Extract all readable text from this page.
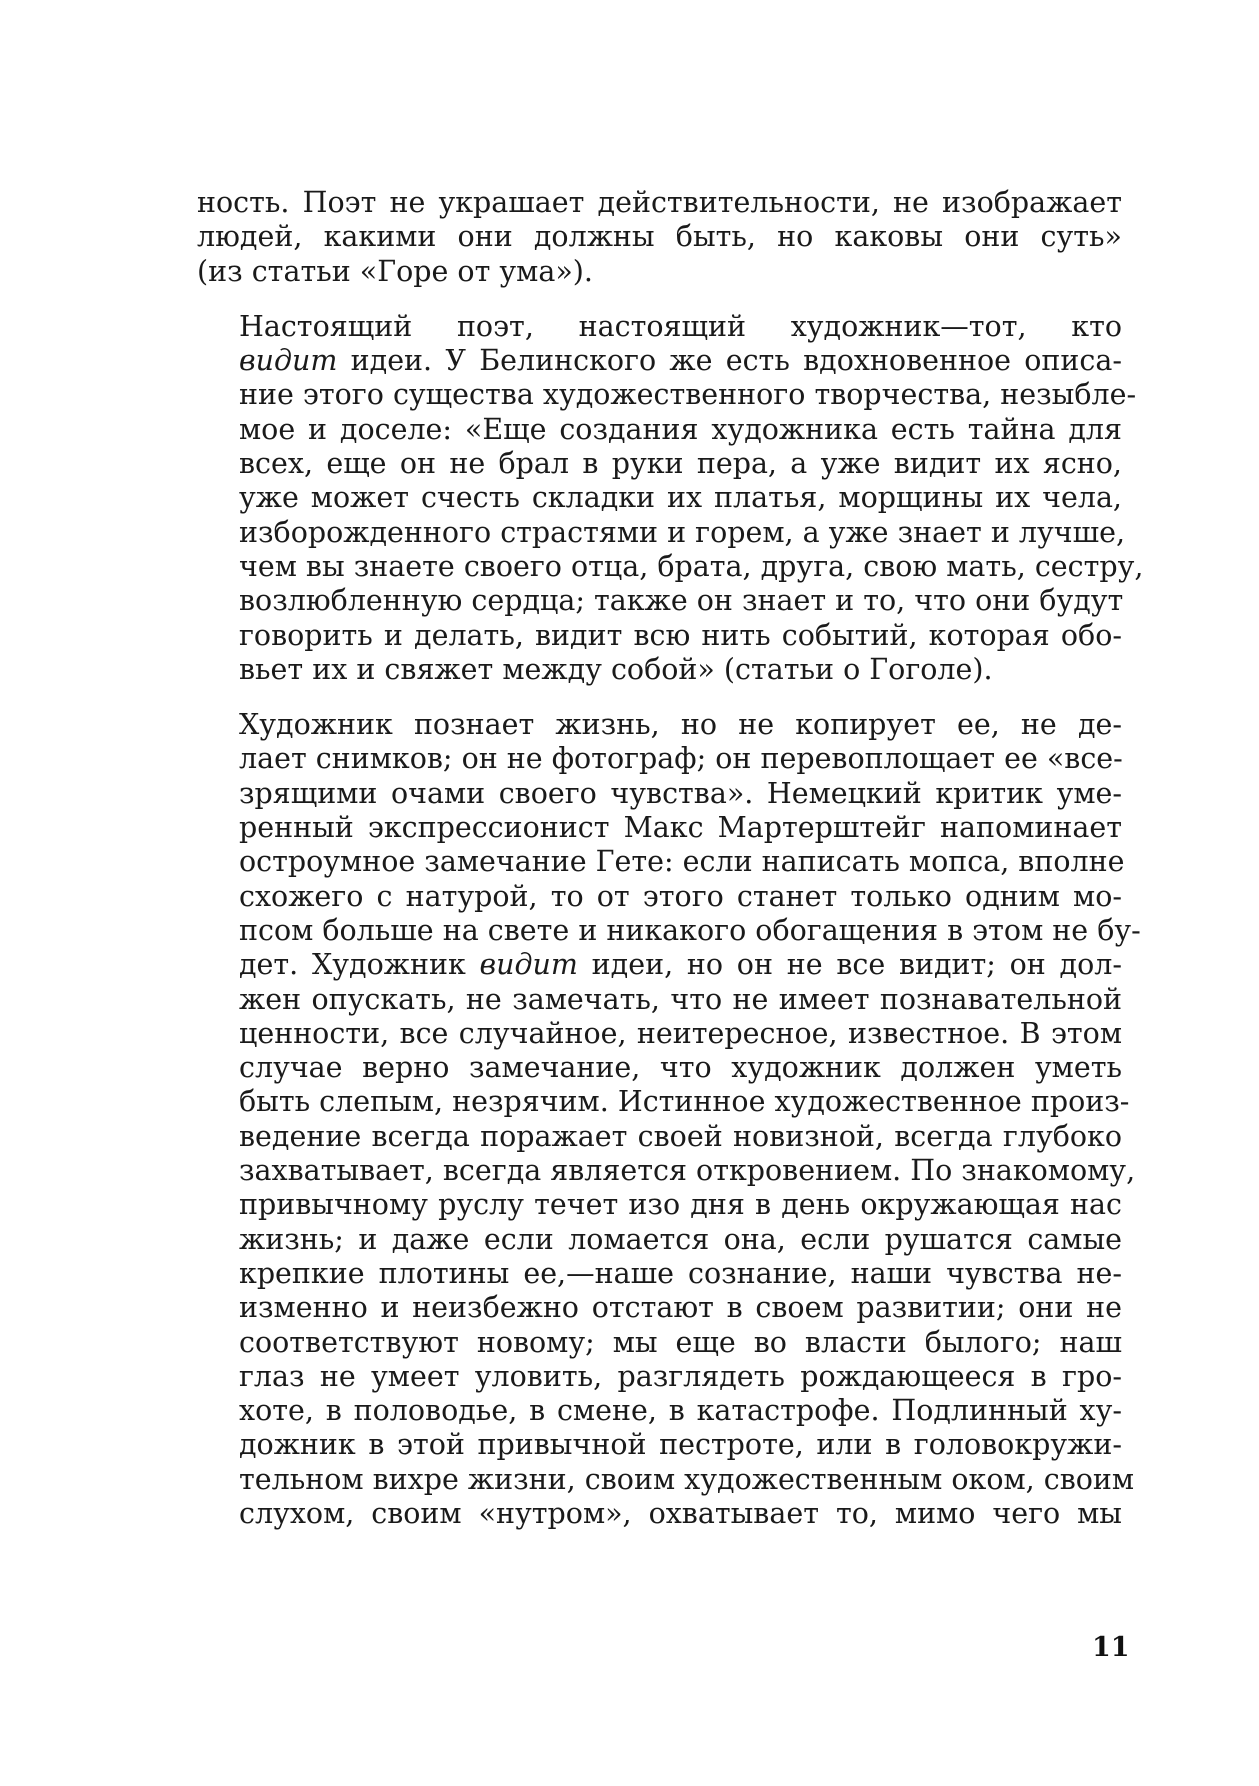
ность. Поэт не украшает действительности, не изображает
людей, какими они должны быть, но каковы они суть»
(из статьи «Горе от ума»).

Настоящий поэт, настоящий художник—тот, кто
видит идеи. У Белинского же есть вдохновенное описа-
ние этого существа художественного творчества, незыбле-
мое и доселе: «Еще создания художника есть тайна для
всех, еще он не брал в руки пера, а уже видит их ясно,
уже может счесть складки их платья, морщины их чела,
изборожденного страстями и горем, а уже знает и лучше,
чем вы знаете своего отца, брата, друга, свою мать, сестру,
возлюбленную сердца; также он знает и то, что они будут
говорить и делать, видит всю нить событий, которая обо-
вьет их и свяжет между собой» (статьи о Гоголе).

Художник познает жизнь, но не копирует ее, не де-
лает снимков; он не фотограф; он перевоплощает ее «все-
зрящими очами своего чувства». Немецкий критик уме-
ренный экспрессионист Макс Мартерштейг напоминает
остроумное замечание Гете: если написать мопса, вполне
схожего с натурой, то от этого станет только одним мо-
пcом больше на свете и никакого обогащения в этом не бу-
дет. Художник видит идеи, но он не все видит; он дол-
жен опускать, не замечать, что не имеет познавательной
ценности, все случайное, неитересное, известное. В этом
случае верно замечание, что художник должен уметь
быть слепым, незрячим. Истинное художественное произ-
ведение всегда поражает своей новизной, всегда глубоко
захватывает, всегда является откровением. По знакомому,
привычному руслу течет изо дня в день окружающая нас
жизнь; и даже если ломается она, если рушатся самые
крепкие плотины ее,—наше сознание, наши чувства не-
изменно и неизбежно отстают в своем развитии; они не
соответствуют новому; мы еще во власти былого; наш
глаз не умеет уловить, разглядеть рождающееся в гро-
хоте, в половодье, в смене, в катастрофе. Подлинный ху-
дожник в этой привычной пестроте, или в головокружи-
тельном вихре жизни, своим художественным оком, своим
слухом, своим «нутром», охватывает то, мимо чего мы

11
